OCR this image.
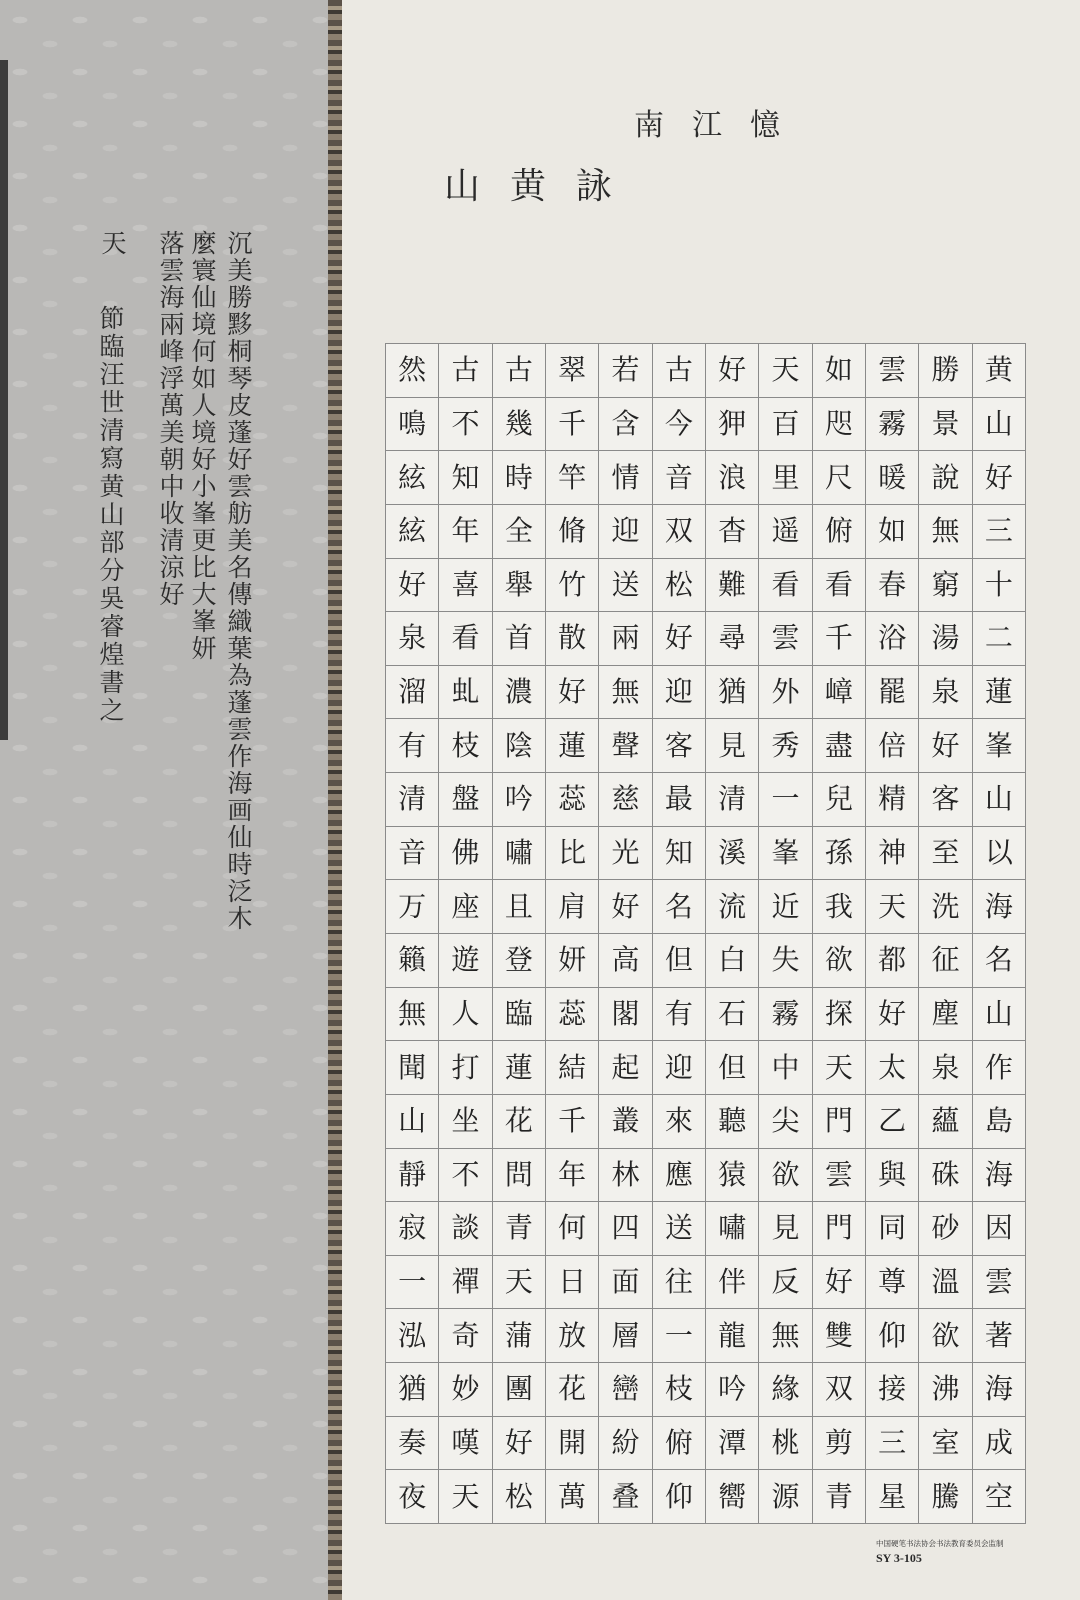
天 落雲海兩峰浮萬美朝中收清涼好 麼寰仙境何如人境好小峯更比大峯妍 沉美勝黟桐琴皮蓬好雲舫美名傳織葉為蓬雲作海画仙時泛木
節臨汪世清寫黄山部分吳睿煌書之
南江憶
山黄詠
然 古 古 翠 若 古 好 天 如 雲 勝 黄
鳴 不 幾 千 含 今 狎 百 咫 霧 景 山
絃 知 時 竿 情 音 浪 里 尺 暖 說 好
絃 年 全 脩 迎 双 杳 遥 俯 如 無 三
好 喜 舉 竹 送 松 難 看 看 春 窮 十
泉 看 首 散 兩 好 尋 雲 千 浴 湯 二
溜 虬 濃 好 無 迎 猶 外 嶂 罷 泉 蓮
有 枝 陰 蓮 聲 客 見 秀 盡 倍 好 峯
清 盤 吟 蕊 慈 最 清 一 兒 精 客 山
音 佛 嘯 比 光 知 溪 峯 孫 神 至 以
万 座 且 肩 好 名 流 近 我 天 洗 海
籟 遊 登 妍 高 但 白 失 欲 都 征 名
無 人 臨 蕊 閣 有 石 霧 探 好 塵 山
聞 打 蓮 結 起 迎 但 中 天 太 泉 作
山 坐 花 千 叢 來 聽 尖 門 乙 蘊 島
靜 不 問 年 林 應 猿 欲 雲 與 硃 海
寂 談 青 何 四 送 嘯 見 門 同 砂 因
一 禪 天 日 面 往 伴 反 好 尊 溫 雲
泓 奇 蒲 放 層 一 龍 無 雙 仰 欲 著
猶 妙 團 花 巒 枝 吟 緣 双 接 沸 海
奏 嘆 好 開 紛 俯 潭 桃 剪 三 室 成
夜 天 松 萬 叠 仰 嚮 源 青 星 騰 空
中国硬笔书法协会书法教育委员会监制
SY 3-105
